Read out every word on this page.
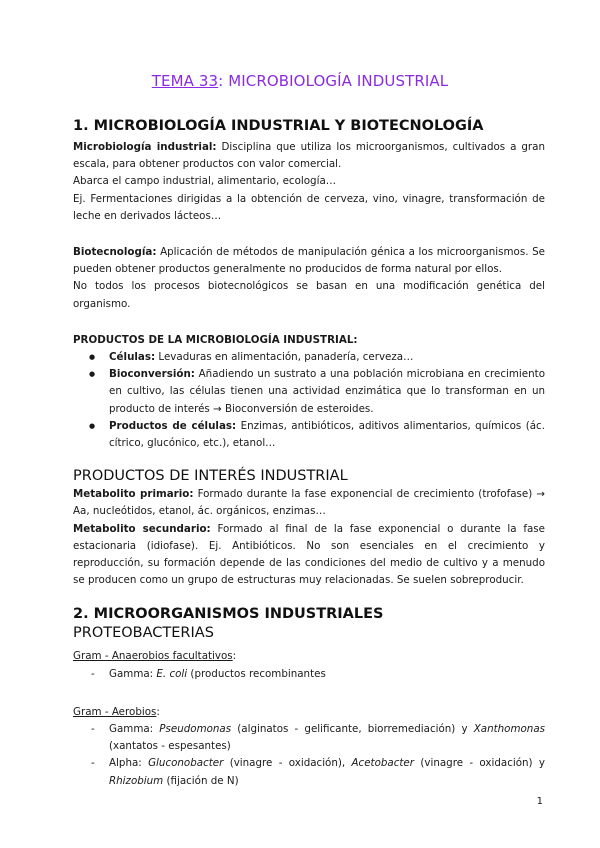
TEMA 33: MICROBIOLOGÍA INDUSTRIAL
1. MICROBIOLOGÍA INDUSTRIAL Y BIOTECNOLOGÍA

Microbiología industrial: Disciplina que utiliza los microorganismos, cultivados a gran escala, para obtener productos con valor comercial.

Abarca el campo industrial, alimentario, ecología…

Ej. Fermentaciones dirigidas a la obtención de cerveza, vino, vinagre, transformación de leche en derivados lácteos…

Biotecnología: Aplicación de métodos de manipulación génica a los microorganismos. Se pueden obtener productos generalmente no producidos de forma natural por ellos.

No todos los procesos biotecnológicos se basan en una modificación genética del organismo.

PRODUCTOS DE LA MICROBIOLOGÍA INDUSTRIAL:
● Células: Levaduras en alimentación, panadería, cerveza…
● Bioconversión: Añadiendo un sustrato a una población microbiana en crecimiento en cultivo, las células tienen una actividad enzimática que lo transforman en un producto de interés → Bioconversión de esteroides.
● Productos de células: Enzimas, antibióticos, aditivos alimentarios, químicos (ác. cítrico, glucónico, etc.), etanol…
PRODUCTOS DE INTERÉS INDUSTRIAL

Metabolito primario: Formado durante la fase exponencial de crecimiento (trofofase) → Aa, nucleótidos, etanol, ác. orgánicos, enzimas…

Metabolito secundario: Formado al final de la fase exponencial o durante la fase estacionaria (idiofase). Ej. Antibióticos. No son esenciales en el crecimiento y reproducción, su formación depende de las condiciones del medio de cultivo y a menudo se producen como un grupo de estructuras muy relacionadas. Se suelen sobreproducir.

2. MICROORGANISMOS INDUSTRIALES
PROTEOBACTERIAS
Gram - Anaerobios facultativos:
- Gamma: E. coli (productos recombinantes
Gram - Aerobios:
- Gamma: Pseudomonas (alginatos - gelificante, biorremediación) y Xanthomonas (xantatos - espesantes)
- Alpha: Gluconobacter (vinagre - oxidación), Acetobacter (vinagre - oxidación) y Rhizobium (fijación de N)
1
